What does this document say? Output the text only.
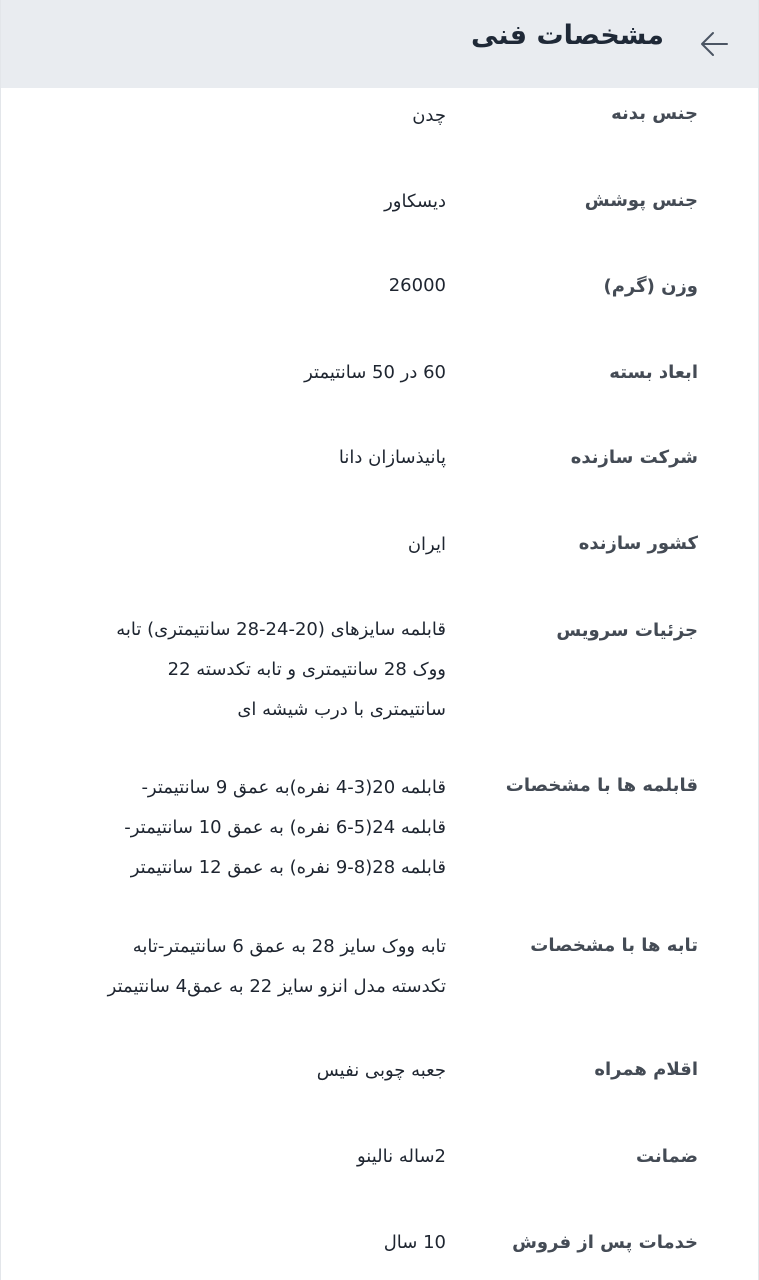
مشخصات فنی
جنس بدنه
چدن
جنس پوشش
دیسکاور
وزن (گرم)
26000
ابعاد بسته
60 در 50 سانتیمتر
شرکت سازنده
پانیذسازان دانا
کشور سازنده
ایران
جزئیات سرویس
قابلمه سایزهای (20-24-28 سانتیمتری) تابه
ووک 28 سانتیمتری و تابه تکدسته 22
سانتیمتری با درب شیشه ای
قابلمه ها با مشخصات
قابلمه 20(3-4 نفره)به عمق 9 سانتیمتر-
قابلمه 24(5-6 نفره) به عمق 10 سانتیمتر-
قابلمه 28(8-9 نفره) به عمق 12 سانتیمتر
تابه ها با مشخصات
تابه ووک سایز 28 به عمق 6 سانتیمتر-تابه
تکدسته مدل انزو سایز 22 به عمق4 سانتیمتر
اقلام همراه
جعبه چوبی نفیس
ضمانت
2ساله نالینو
خدمات پس از فروش
10 سال
